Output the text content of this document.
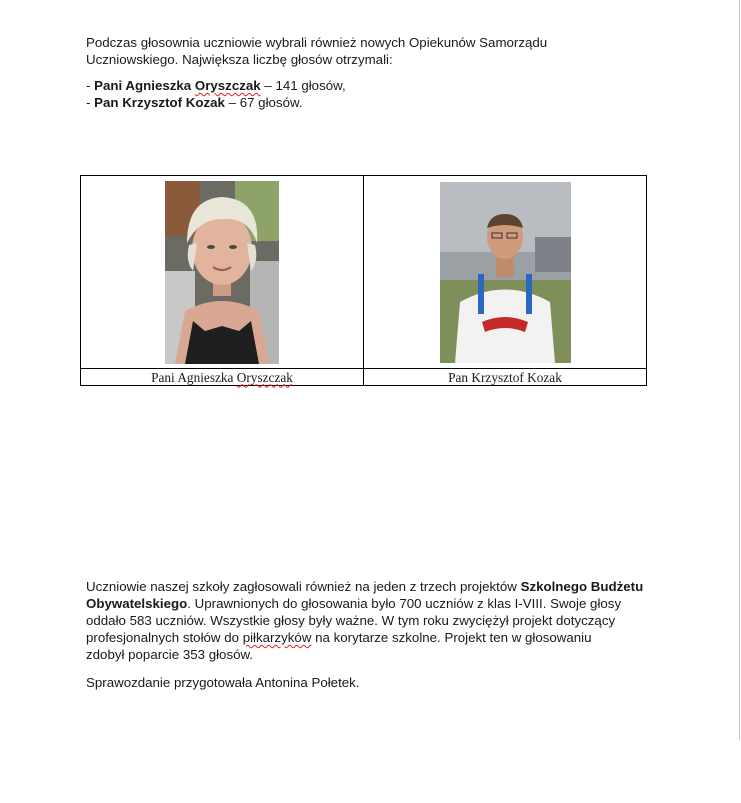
Podczas głosownia uczniowie wybrali również nowych Opiekunów Samorządu
Uczniowskiego. Największa liczbę głosów otrzymali:

- Pani Agnieszka Oryszczak – 141 głosów,
- Pan Krzysztof Kozak – 67 głosów.

Pani Agnieszka Oryszczak	Pan Krzysztof Kozak

Uczniowie naszej szkoły zagłosowali również na jeden z trzech projektów Szkolnego Budżetu
Obywatelskiego. Uprawnionych do głosowania było 700 uczniów z klas I-VIII. Swoje głosy
oddało 583 uczniów. Wszystkie głosy były ważne. W tym roku zwyciężył projekt dotyczący
profesjonalnych stołów do piłkarzyków na korytarze szkolne. Projekt ten w głosowaniu
zdobył poparcie 353 głosów.

Sprawozdanie przygotowała Antonina Połetek.
